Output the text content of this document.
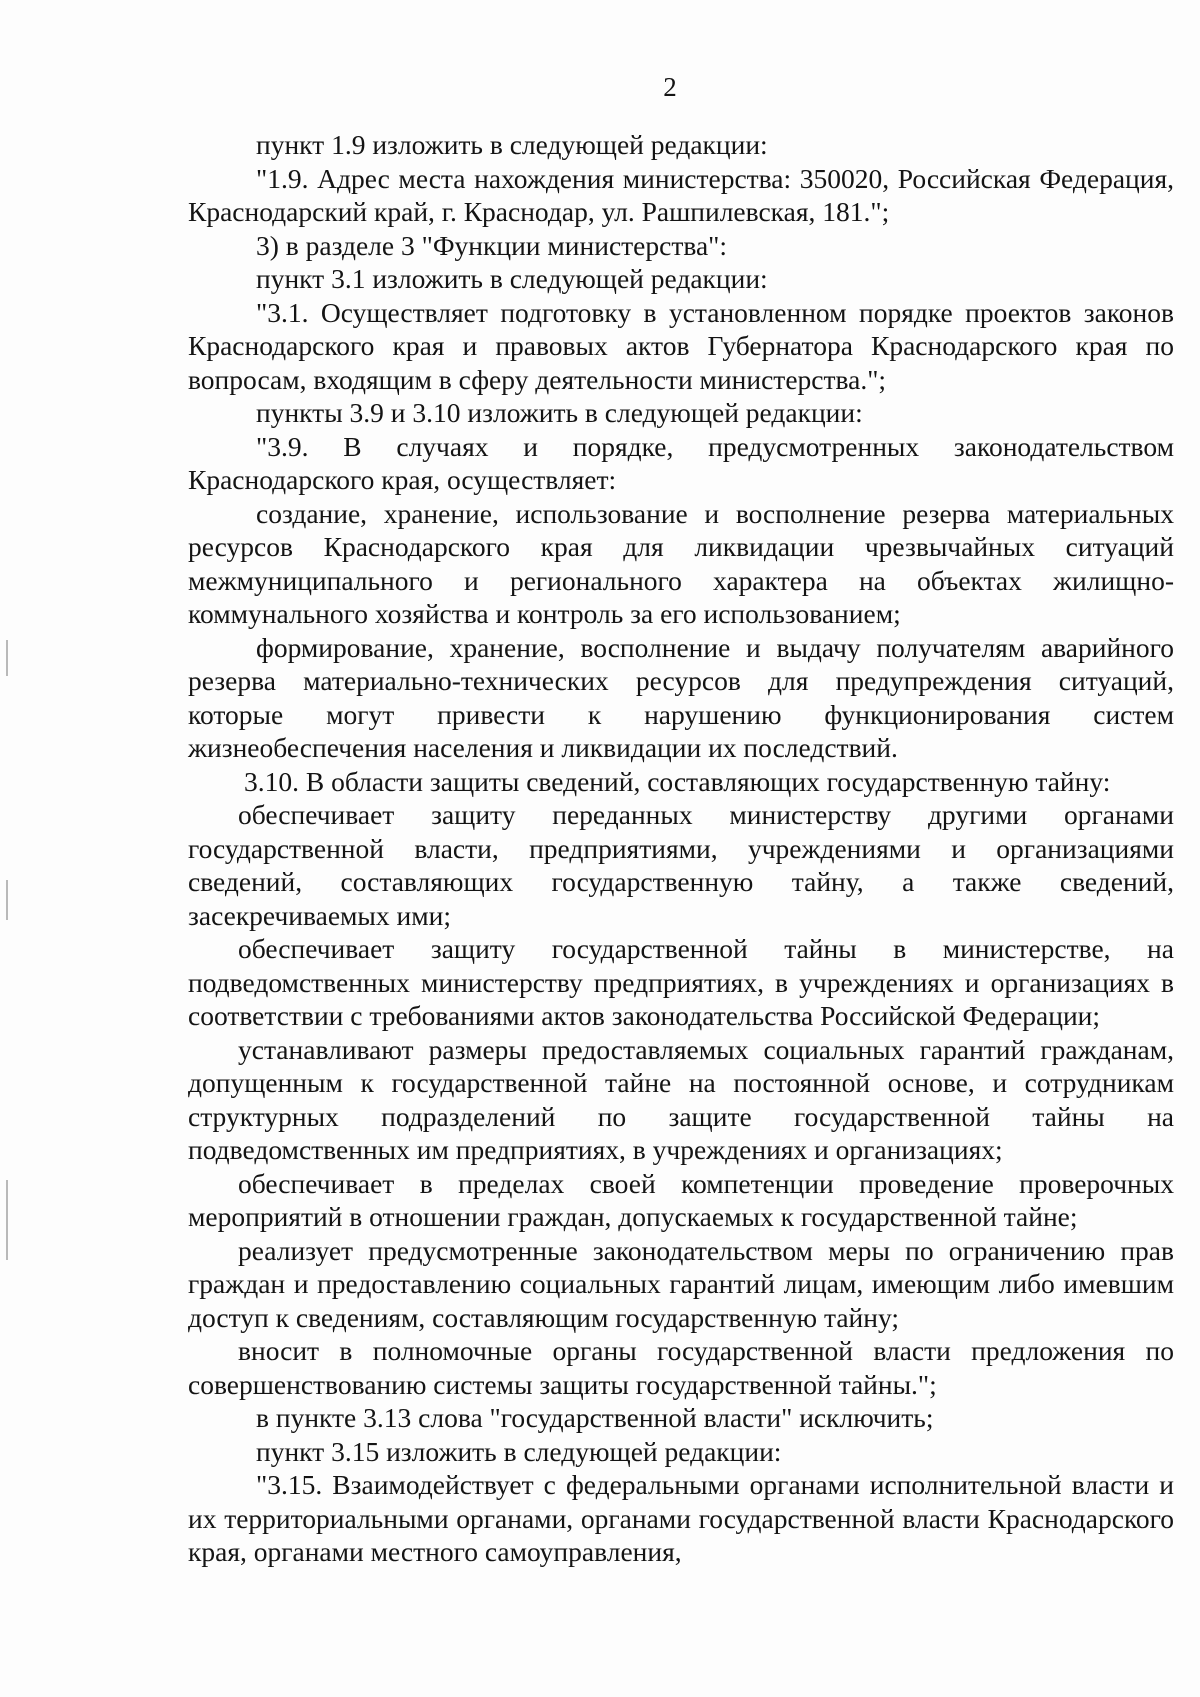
2

пункт 1.9 изложить в следующей редакции:

"1.9. Адрес места нахождения министерства: 350020, Российская Федерация, Краснодарский край, г. Краснодар, ул. Рашпилевская, 181.";

3) в разделе 3 "Функции министерства":

пункт 3.1 изложить в следующей редакции:

"3.1. Осуществляет подготовку в установленном порядке проектов законов Краснодарского края и правовых актов Губернатора Краснодарского края по вопросам, входящим в сферу деятельности министерства.";

пункты 3.9 и 3.10 изложить в следующей редакции:

"3.9. В случаях и порядке, предусмотренных законодательством Краснодарского края, осуществляет:

создание, хранение, использование и восполнение резерва материальных ресурсов Краснодарского края для ликвидации чрезвычайных ситуаций межмуниципального и регионального характера на объектах жилищно-коммунального хозяйства и контроль за его использованием;

формирование, хранение, восполнение и выдачу получателям аварийного резерва материально-технических ресурсов для предупреждения ситуаций, которые могут привести к нарушению функционирования систем жизнеобеспечения населения и ликвидации их последствий.

3.10. В области защиты сведений, составляющих государственную тайну:

обеспечивает защиту переданных министерству другими органами государственной власти, предприятиями, учреждениями и организациями сведений, составляющих государственную тайну, а также сведений, засекречиваемых ими;

обеспечивает защиту государственной тайны в министерстве, на подведомственных министерству предприятиях, в учреждениях и организациях в соответствии с требованиями актов законодательства Российской Федерации;

устанавливают размеры предоставляемых социальных гарантий гражданам, допущенным к государственной тайне на постоянной основе, и сотрудникам структурных подразделений по защите государственной тайны на подведомственных им предприятиях, в учреждениях и организациях;

обеспечивает в пределах своей компетенции проведение проверочных мероприятий в отношении граждан, допускаемых к государственной тайне;

реализует предусмотренные законодательством меры по ограничению прав граждан и предоставлению социальных гарантий лицам, имеющим либо имевшим доступ к сведениям, составляющим государственную тайну;

вносит в полномочные органы государственной власти предложения по совершенствованию системы защиты государственной тайны.";

в пункте 3.13 слова "государственной власти" исключить;

пункт 3.15 изложить в следующей редакции:

"3.15. Взаимодействует с федеральными органами исполнительной власти и их территориальными органами, органами государственной власти Краснодарского края, органами местного самоуправления,
